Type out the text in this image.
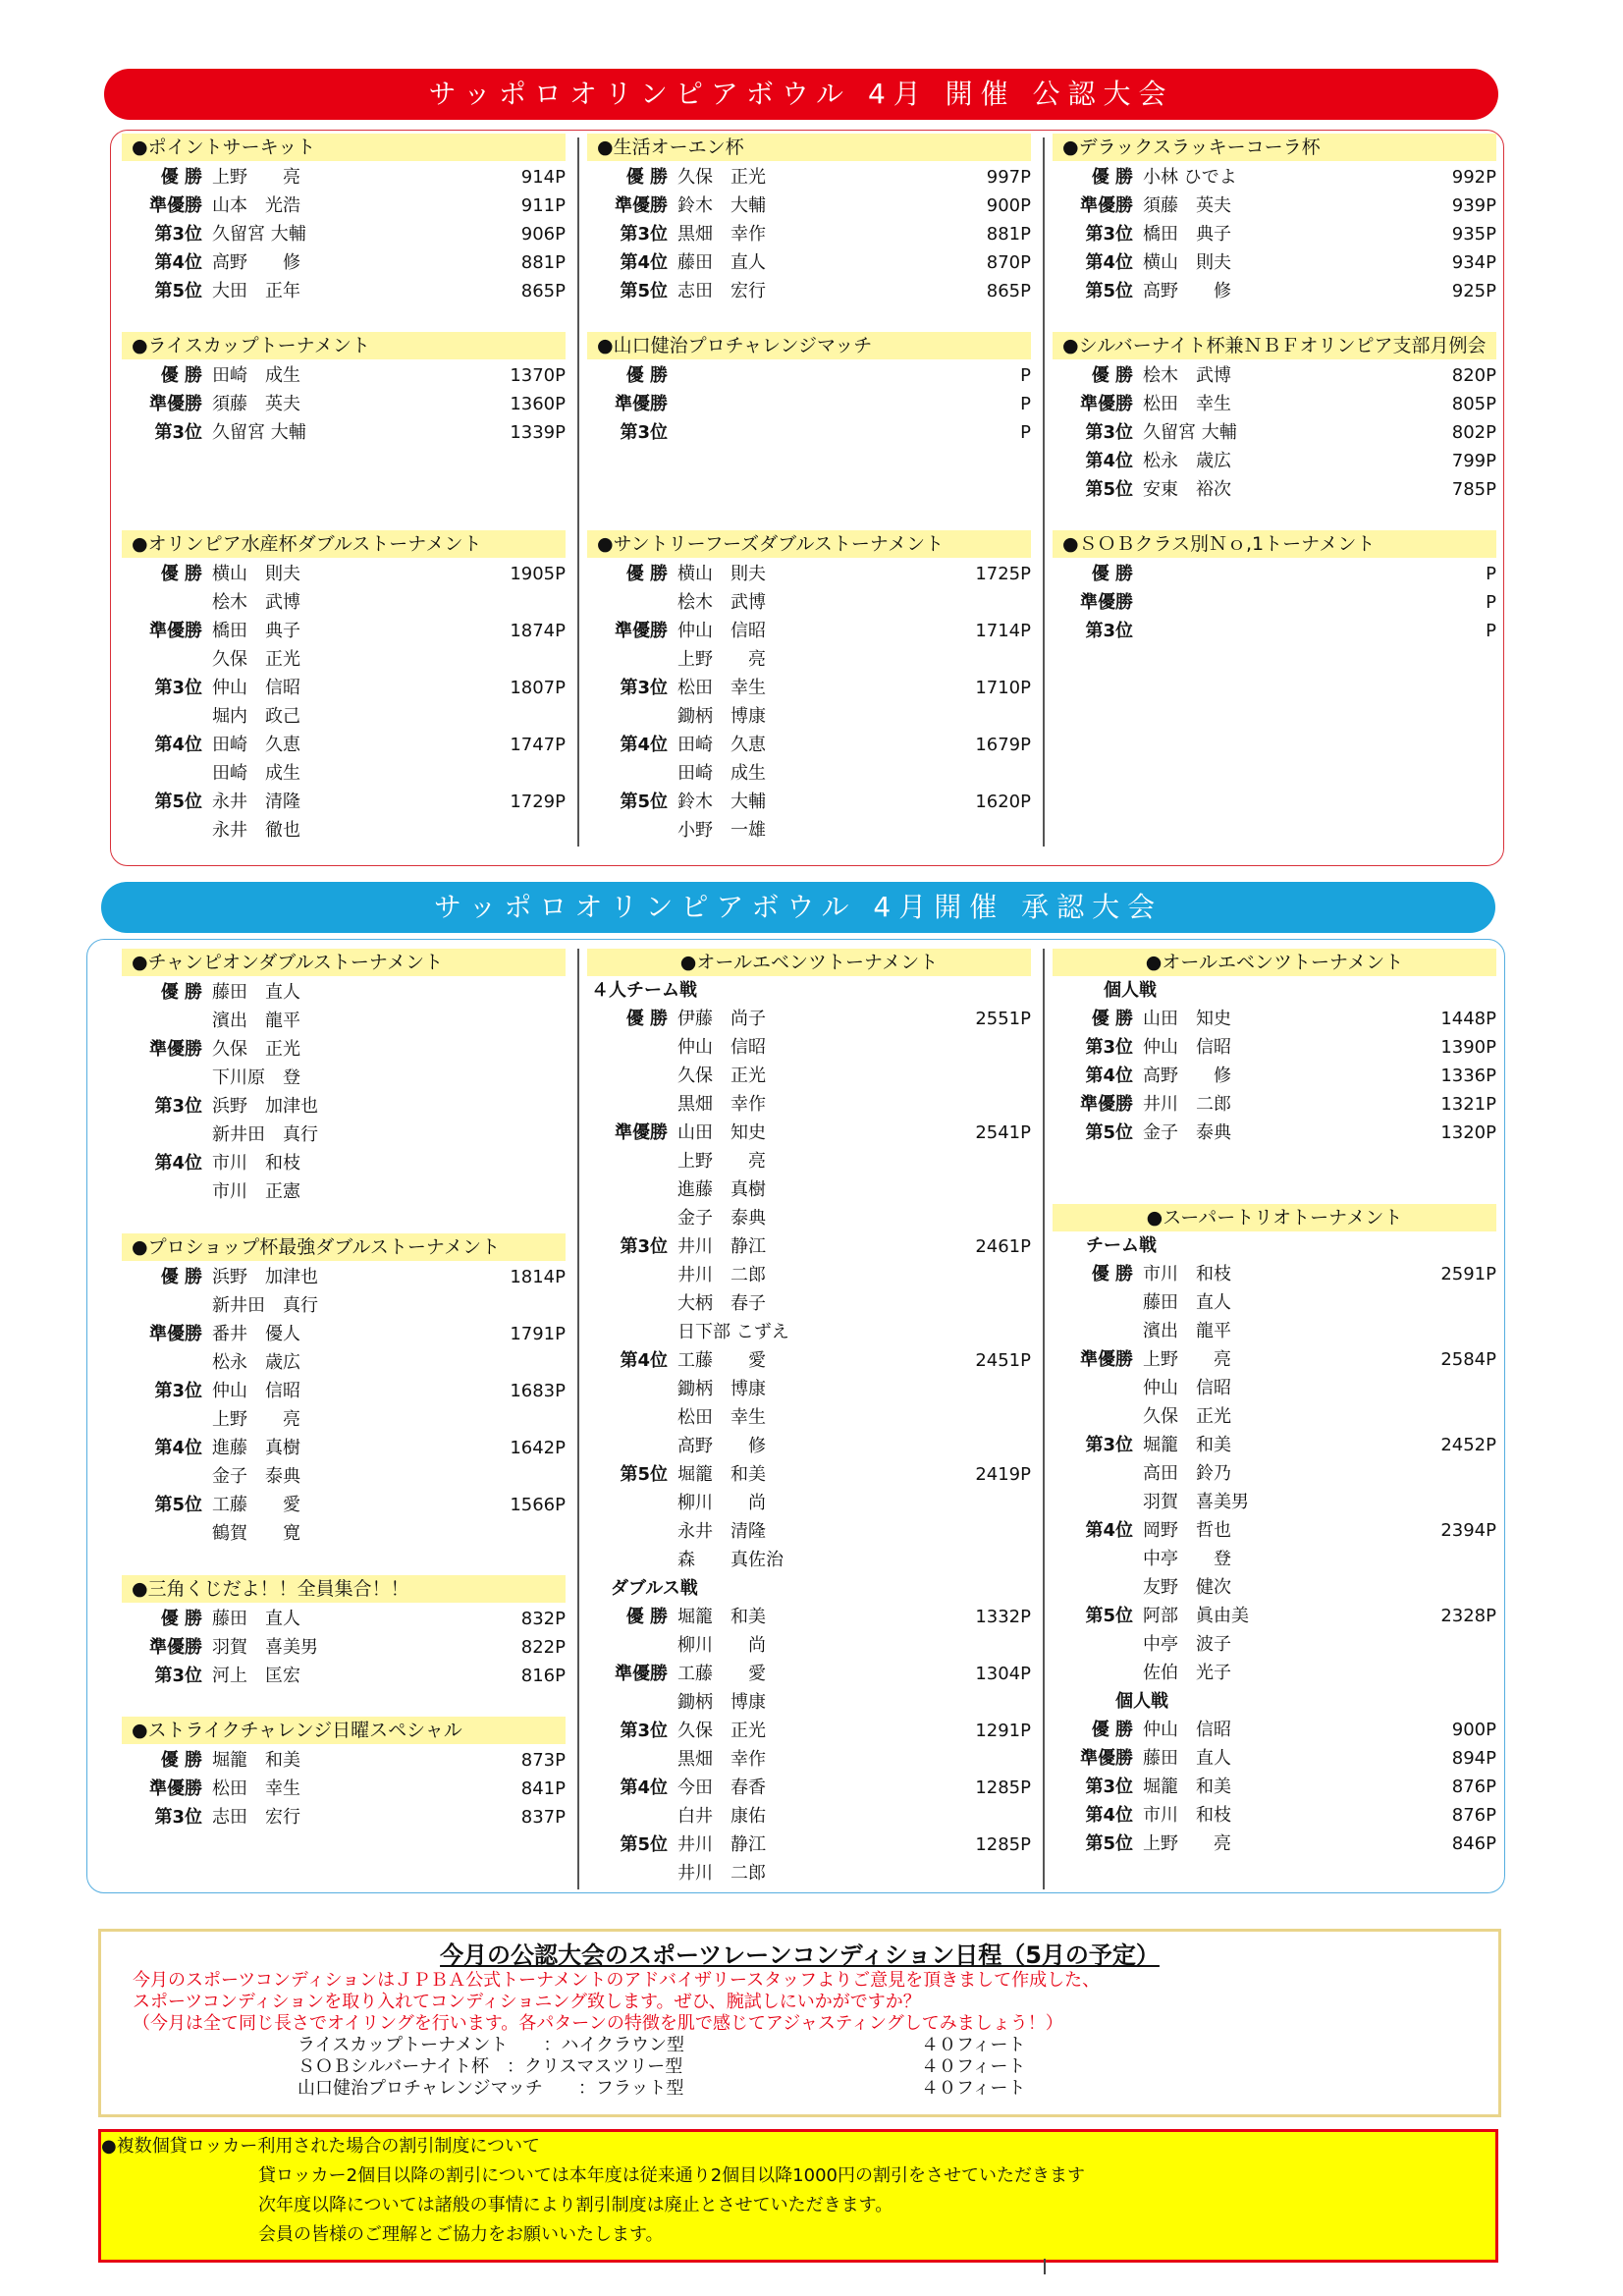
サッポロオリンピアボウル 4月 開催 公認大会
サッポロオリンピアボウル 4月開催 承認大会
●ポイントサーキット
優 勝 上野　　亮	914P
準優勝 山本　光浩	911P
第3位 久留宮 大輔	906P
第4位 高野　　修	881P
第5位 大田　正年	865P
●ライスカップトーナメント
優 勝 田崎　成生	1370P
準優勝 須藤　英夫	1360P
第3位 久留宮 大輔	1339P
●オリンピア水産杯ダブルストーナメント
優 勝 横山　則夫	1905P
桧木　武博
準優勝 橋田　典子	1874P
久保　正光
第3位 仲山　信昭	1807P
堀内　政己
第4位 田崎　久恵	1747P
田崎　成生
第5位 永井　清隆	1729P
永井　徹也
●生活オーエン杯
優 勝 久保　正光	997P
準優勝 鈴木　大輔	900P
第3位 黒畑　幸作	881P
第4位 藤田　直人	870P
第5位 志田　宏行	865P
●山口健治プロチャレンジマッチ
優 勝	P
準優勝	P
第3位	P
●サントリーフーズダブルストーナメント
優 勝 横山　則夫	1725P
桧木　武博
準優勝 仲山　信昭	1714P
上野　　亮
第3位 松田　幸生	1710P
鋤柄　博康
第4位 田崎　久恵	1679P
田崎　成生
第5位 鈴木　大輔	1620P
小野　一雄
●デラックスラッキーコーラ杯
優 勝 小林 ひでよ	992P
準優勝 須藤　英夫	939P
第3位 橋田　典子	935P
第4位 横山　則夫	934P
第5位 高野　　修	925P
●シルバーナイト杯兼ＮＢＦオリンピア支部月例会
優 勝 桧木　武博	820P
準優勝 松田　幸生	805P
第3位 久留宮 大輔	802P
第4位 松永　歳広	799P
第5位 安東　裕次	785P
●ＳＯＢクラス別Ｎｏ,1トーナメント
優 勝	P
準優勝	P
第3位	P
●チャンピオンダブルストーナメント
優 勝 藤田　直人
濱出　龍平
準優勝 久保　正光
下川原　登
第3位 浜野　加津也
新井田　真行
第4位 市川　和枝
市川　正憲
●プロショップ杯最強ダブルストーナメント
優 勝 浜野　加津也	1814P
新井田　真行
準優勝 番井　優人	1791P
松永　歳広
第3位 仲山　信昭	1683P
上野　　亮
第4位 進藤　真樹	1642P
金子　泰典
第5位 工藤　　愛	1566P
鶴賀　　寛
●三角くじだよ！！全員集合！！
優 勝 藤田　直人	832P
準優勝 羽賀　喜美男	822P
第3位 河上　匡宏	816P
●ストライクチャレンジ日曜スペシャル
優 勝 堀籠　和美	873P
準優勝 松田　幸生	841P
第3位 志田　宏行	837P
●オールエベンツトーナメント
４人チーム戦
優 勝 伊藤　尚子	2551P
仲山　信昭
久保　正光
黒畑　幸作
準優勝 山田　知史	2541P
上野　　亮
進藤　真樹
金子　泰典
第3位 井川　静江	2461P
井川　二郎
大柄　春子
日下部 こずえ
第4位 工藤　　愛	2451P
鋤柄　博康
松田　幸生
高野　　修
第5位 堀籠　和美	2419P
柳川　　尚
永井　清隆
森　　真佐治
ダブルス戦
優 勝 堀籠　和美	1332P
柳川　　尚
準優勝 工藤　　愛	1304P
鋤柄　博康
第3位 久保　正光	1291P
黒畑　幸作
第4位 今田　春香	1285P
白井　康佑
第5位 井川　静江	1285P
井川　二郎
●オールエベンツトーナメント
個人戦
優 勝 山田　知史	1448P
第3位 仲山　信昭	1390P
第4位 高野　　修	1336P
準優勝 井川　二郎	1321P
第5位 金子　泰典	1320P
●スーパートリオトーナメント
チーム戦
優 勝 市川　和枝	2591P
藤田　直人
濱出　龍平
準優勝 上野　　亮	2584P
仲山　信昭
久保　正光
第3位 堀籠　和美	2452P
高田　鈴乃
羽賀　喜美男
第4位 岡野　哲也	2394P
中亭　　登
友野　健次
第5位 阿部　眞由美	2328P
中亭　波子
佐伯　光子
個人戦
優 勝 仲山　信昭	900P
準優勝 藤田　直人	894P
第3位 堀籠　和美	876P
第4位 市川　和枝	876P
第5位 上野　　亮	846P
今月の公認大会のスポーツレーンコンディション日程（5月の予定）
今月のスポーツコンディションはＪＰＢＡ公式トーナメントのアドバイザリースタッフよりご意見を頂きまして作成した、
スポーツコンディションを取り入れてコンディショニング致します。ぜひ、腕試しにいかがですか？
（今月は全て同じ長さでオイリングを行います。各パターンの特徴を肌で感じてアジャスティングしてみましょう！）
ライスカップトーナメント　　：ハイクラウン型	４０フィート
ＳＯＢシルバーナイト杯　：クリスマスツリー型	４０フィート
山口健治プロチャレンジマッチ　　：フラット型	４０フィート
●複数個貸ロッカー利用された場合の割引制度について
貸ロッカー2個目以降の割引については本年度は従来通り2個目以降1000円の割引をさせていただきます
次年度以降については諸般の事情により割引制度は廃止とさせていただきます。
会員の皆様のご理解とご協力をお願いいたします。
